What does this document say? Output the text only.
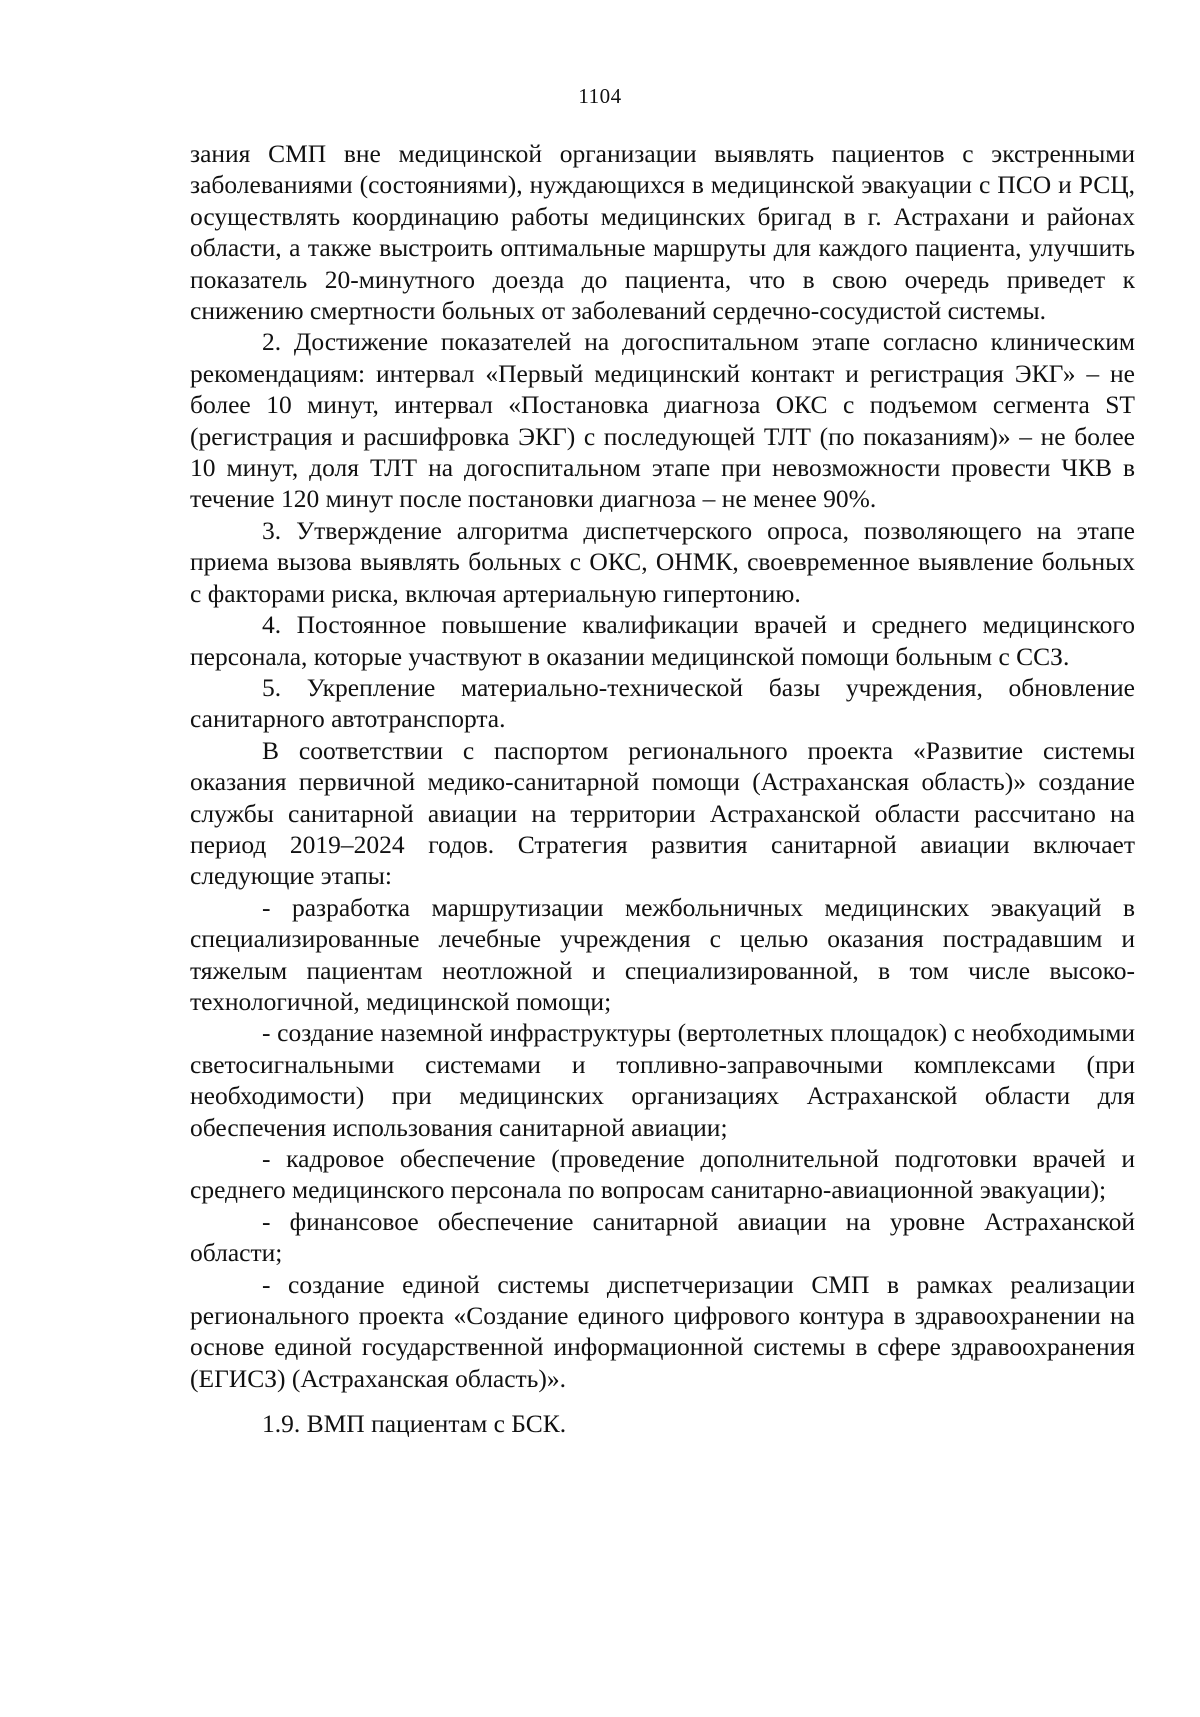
1104

зания СМП вне медицинской организации выявлять пациентов с экстренными заболеваниями (состояниями), нуждающихся в медицинской эвакуации с ПСО и РСЦ, осуществлять координацию работы медицинских бригад в г. Астрахани и районах области, а также выстроить оптимальные маршруты для каждого пациента, улучшить показатель 20-минутного доезда до пациента, что в свою очередь приведет к снижению смертности больных от заболеваний сердечно-сосудистой системы.

2. Достижение показателей на догоспитальном этапе согласно клиническим рекомендациям: интервал «Первый медицинский контакт и регистрация ЭКГ» – не более 10 минут, интервал «Постановка диагноза ОКС с подъемом сегмента ST (регистрация и расшифровка ЭКГ) с последующей ТЛТ (по показаниям)» – не более 10 минут, доля ТЛТ на догоспитальном этапе при невозможности провести ЧКВ в течение 120 минут после постановки диагноза – не менее 90%.

3. Утверждение алгоритма диспетчерского опроса, позволяющего на этапе приема вызова выявлять больных с ОКС, ОНМК, своевременное выявление больных с факторами риска, включая артериальную гипертонию.

4. Постоянное повышение квалификации врачей и среднего медицинского персонала, которые участвуют в оказании медицинской помощи больным с ССЗ.

5. Укрепление материально-технической базы учреждения, обновление санитарного автотранспорта.

В соответствии с паспортом регионального проекта «Развитие системы оказания первичной медико-санитарной помощи (Астраханская область)» создание службы санитарной авиации на территории Астраханской области рассчитано на период 2019–2024 годов. Стратегия развития санитарной авиации включает следующие этапы:

- разработка маршрутизации межбольничных медицинских эвакуаций в специализированные лечебные учреждения с целью оказания пострадавшим и тяжелым пациентам неотложной и специализированной, в том числе высокотехнологичной, медицинской помощи;

- создание наземной инфраструктуры (вертолетных площадок) с необходимыми светосигнальными системами и топливно-заправочными комплексами (при необходимости) при медицинских организациях Астраханской области для обеспечения использования санитарной авиации;

- кадровое обеспечение (проведение дополнительной подготовки врачей и среднего медицинского персонала по вопросам санитарно-авиационной эвакуации);

- финансовое обеспечение санитарной авиации на уровне Астраханской области;

- создание единой системы диспетчеризации СМП в рамках реализации регионального проекта «Создание единого цифрового контура в здравоохранении на основе единой государственной информационной системы в сфере здравоохранения (ЕГИСЗ) (Астраханская область)».

1.9. ВМП пациентам с БСК.
